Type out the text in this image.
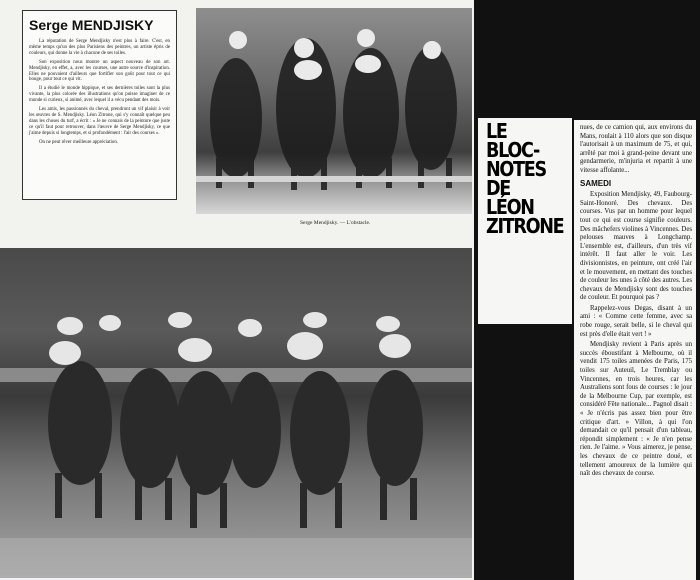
Serge MENDJISKY

La réputation de Serge Mendjisky n'est plus à faire. C'est, en même temps qu'un des plus Parisiens des peintres, un artiste épris de couleurs, qui donne la vie à chacune de ses toiles.

Son exposition nous montre un aspect nouveau de son art. Mendjisky, en effet, a, avec les courses, une autre source d'inspiration. Elles ne pouvaient d'ailleurs que fortifier son goût pour tout ce qui bouge, pour tout ce qui vit.

Il a étudié le monde hippique, et ses dernières toiles sont la plus vivante, la plus colorée des illustrations qu'on puisse imaginer de ce monde si curieux, si animé, avec lequel il a vécu pendant des mois.

Les amis, les passionnés du cheval, prendront un vif plaisir à voir les œuvres de S. Mendjisky. Léon Zitrone, qui s'y connaît quelque peu dans les choses du turf, a écrit : « Je ne connais de la peinture que juste ce qu'il faut pour retrouver, dans l'œuvre de Serge Mendjisky, ce que j'aime depuis si longtemps, et si profondément : l'air des courses ».

On ne peut rêver meilleure appréciation.

Serge Mendjisky. — L'obstacle.
LE
BLOC-
NOTES
DE
LÉON
ZITRONE

nues, de ce camion qui, aux environs du Mans, roulait à 110 alors que son disque l'autorisait à un maximum de 75, et qui, arrêté par moi à grand-peine devant une gendarmerie, m'injuria et repartit à une vitesse affolante...

SAMEDI

Exposition Mendjisky, 49, Faubourg-Saint-Honoré. Des chevaux. Des courses. Vus par un homme pour lequel tout ce qui est course signifie couleurs. Des mâchefers violines à Vincennes. Des pelouses mauves à Longchamp. L'ensemble est, d'ailleurs, d'un très vif intérêt. Il faut aller le voir. Les divisionnistes, en peinture, ont créé l'air et le mouvement, en mettant des touches de couleur les unes à côté des autres. Les chevaux de Mendjisky sont des touches de couleur. Et pourquoi pas ?

Rappelez-vous Degas, disant à un ami : « Comme cette femme, avec sa robe rouge, serait belle, si le cheval qui est près d'elle était vert ! »

Mendjisky revient à Paris après un succès éboustifant à Melbourne, où il vendit 175 toiles amenées de Paris, 175 toiles sur Auteuil, Le Tremblay ou Vincennes, en trois heures, car les Australiens sont fous de courses : le jour de la Melbourne Cup, par exemple, est considéré Fête nationale... Pagnol disait : « Je n'écris pas assez bien pour être critique d'art. » Villon, à qui l'on demandait ce qu'il pensait d'un tableau, répondit simplement : « Je n'en pense rien. Je l'aime. » Vous aimerez, je pense, les chevaux de ce peintre doué, et tellement amoureux de la lumière qui naît des chevaux de course.
